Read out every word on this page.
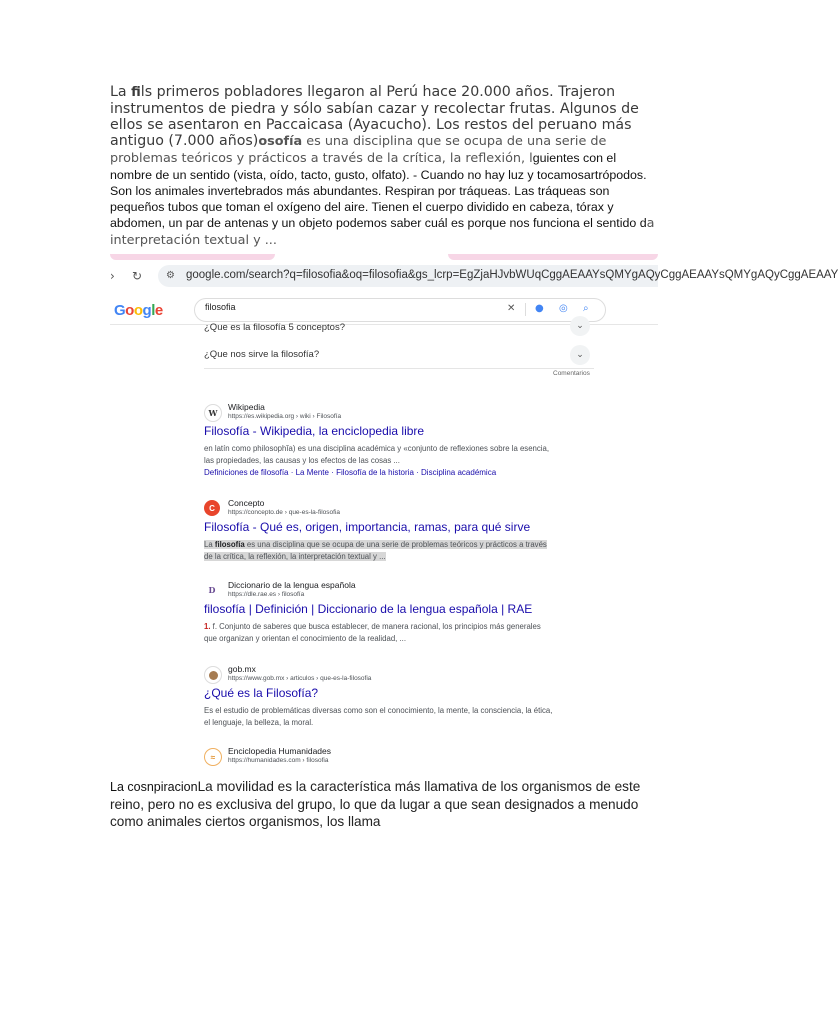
La fils primeros pobladores llegaron al Perú hace 20.000 años. Trajeron instrumentos de piedra y sólo sabían cazar y recolectar frutas. Algunos de ellos se asentaron en Paccaicasa (Ayacucho). Los restos del peruano más antiguo (7.000 años)osofía es una disciplina que se ocupa de una serie de problemas teóricos y prácticos a través de la crítica, la reflexión, lguientes con el nombre de un sentido (vista, oído, tacto, gusto, olfato). - Cuando no hay luz y tocamosartrópodos. Son los animales invertebrados más abundantes. Respiran por tráqueas. Las tráqueas son pequeños tubos que toman el oxígeno del aire. Tienen el cuerpo dividido en cabeza, tórax y abdomen, un par de antenas y un objeto podemos saber cuál es porque nos funciona el sentido da interpretación textual y ...
› ↻ ⚙ google.com/search?q=filosofia&oq=filosofia&gs_lcrp=EgZjaHJvbWUqCggAEAAYsQMYgAQyCggAEAAYsQMYgAQyCggAEAAY
Google
filosofia	✕ ● ◎ ⌕
¿Que es la filosofía 5 conceptos?	⌄
¿Que nos sirve la filosofía?	⌄
Comentarios
W
Wikipedia
https://es.wikipedia.org › wiki › Filosofía
Filosofía - Wikipedia, la enciclopedia libre
en latín como philosophĭa) es una disciplina académica y «conjunto de reflexiones sobre la esencia, las propiedades, las causas y los efectos de las cosas ...
Definiciones de filosofía · La Mente · Filosofía de la historia · Disciplina académica
C	Concepto
https://concepto.de › que-es-la-filosofia
Filosofía - Qué es, origen, importancia, ramas, para qué sirve
La filosofía es una disciplina que se ocupa de una serie de problemas teóricos y prácticos a través de la crítica, la reflexión, la interpretación textual y ...
D	Diccionario de la lengua española
https://dle.rae.es › filosofía
filosofía | Definición | Diccionario de la lengua española | RAE
1. f. Conjunto de saberes que busca establecer, de manera racional, los principios más generales que organizan y orientan el conocimiento de la realidad, ...
gob.mx
https://www.gob.mx › articulos › que-es-la-filosofia
¿Qué es la Filosofía?
Es el estudio de problemáticas diversas como son el conocimiento, la mente, la consciencia, la ética, el lenguaje, la belleza, la moral.
≈
Enciclopedia Humanidades
https://humanidades.com › filosofia
La cosnpiracionLa movilidad es la característica más llamativa de los organismos de este reino, pero no es exclusiva del grupo, lo que da lugar a que sean designados a menudo como animales ciertos organismos, los llama
